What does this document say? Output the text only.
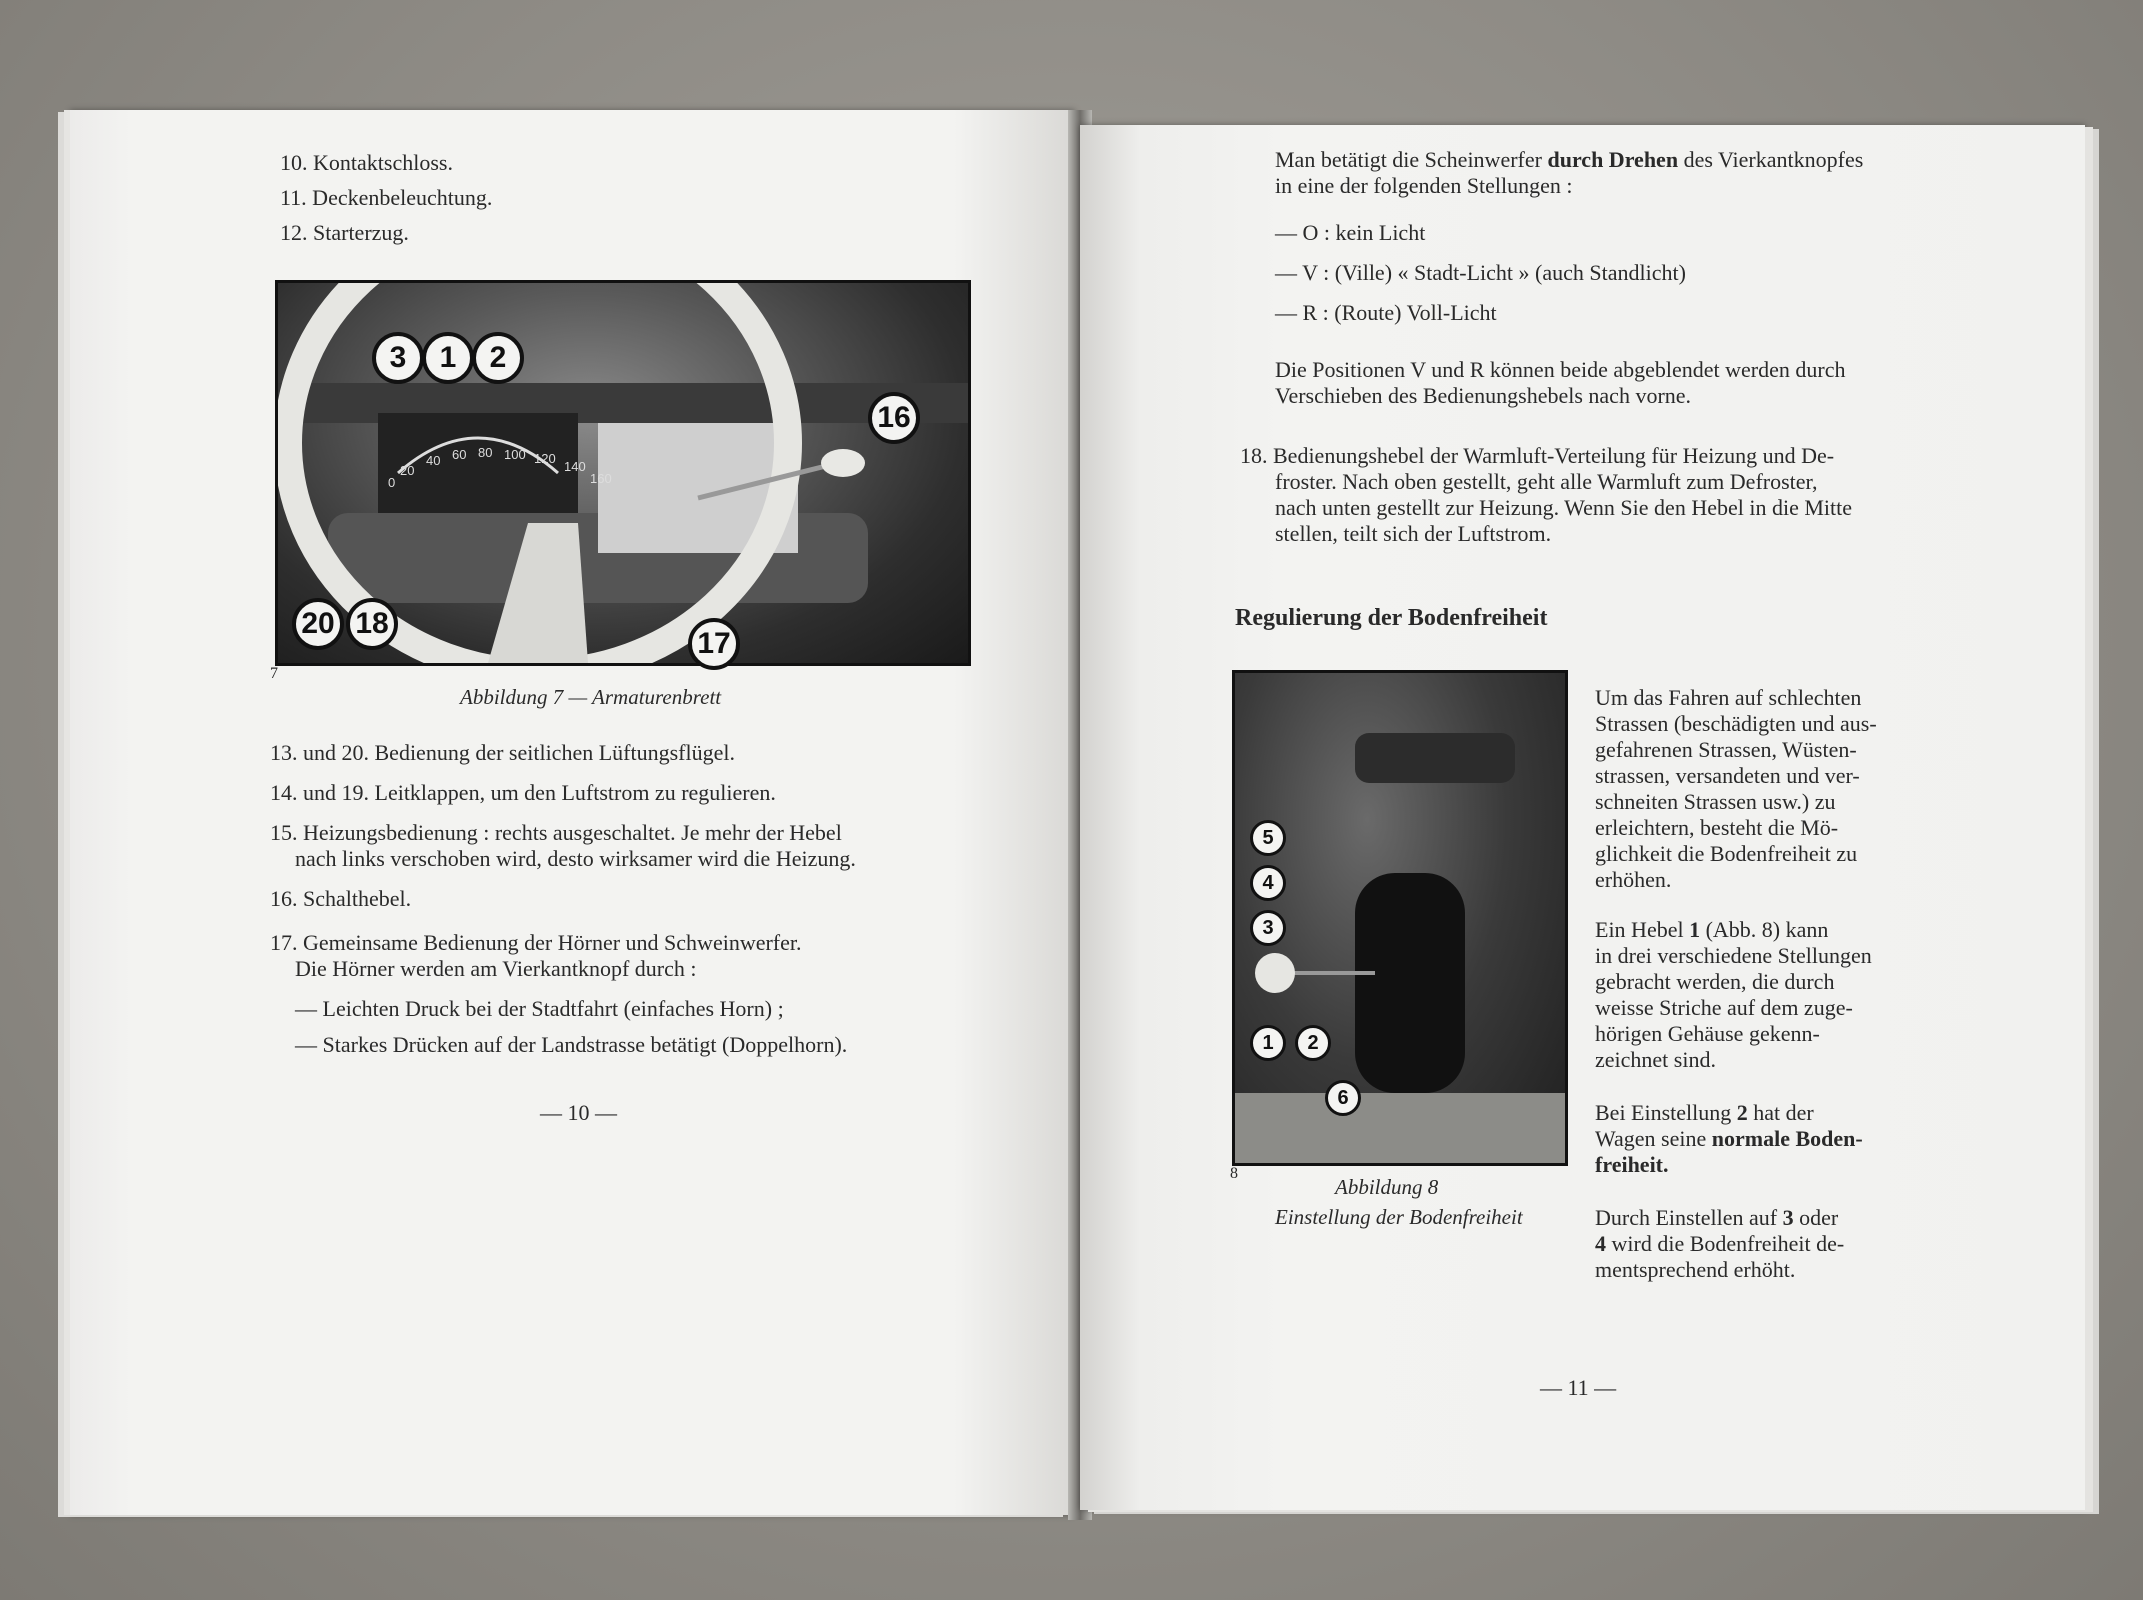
10. Kontaktschloss.
11. Deckenbeleuchtung.
12. Starterzug.
20
40 60 80 100 120
140
160
0
3	1	2
16
20 18
17
7
Abbildung 7 — Armaturenbrett
13. und 20. Bedienung der seitlichen Lüftungsflügel.
14. und 19. Leitklappen, um den Luftstrom zu regulieren.
15. Heizungsbedienung : rechts ausgeschaltet. Je mehr der Hebel
nach links verschoben wird, desto wirksamer wird die Heizung.
16. Schalthebel.
17. Gemeinsame Bedienung der Hörner und Schweinwerfer.
Die Hörner werden am Vierkantknopf durch :
— Leichten Druck bei der Stadtfahrt (einfaches Horn) ;
— Starkes Drücken auf der Landstrasse betätigt (Doppelhorn).
— 10 —
Man betätigt die Scheinwerfer durch Drehen des Vierkantknopfes
in eine der folgenden Stellungen :
— O : kein Licht
— V : (Ville) « Stadt-Licht » (auch Standlicht)
— R : (Route) Voll-Licht
Die Positionen V und R können beide abgeblendet werden durch
Verschieben des Bedienungshebels nach vorne.
18. Bedienungshebel der Warmluft-Verteilung für Heizung und De-
froster. Nach oben gestellt, geht alle Warmluft zum Defroster,
nach unten gestellt zur Heizung. Wenn Sie den Hebel in die Mitte
stellen, teilt sich der Luftstrom.
Regulierung der Bodenfreiheit
5
4
3
1	2
6
8
Abbildung 8
Einstellung der Bodenfreiheit
Um das Fahren auf schlechten
Strassen (beschädigten und aus-
gefahrenen Strassen, Wüsten-
strassen, versandeten und ver-
schneiten Strassen usw.) zu
erleichtern, besteht die Mö-
glichkeit die Bodenfreiheit zu
erhöhen.
Ein Hebel 1 (Abb. 8) kann
in drei verschiedene Stellungen
gebracht werden, die durch
weisse Striche auf dem zuge-
hörigen Gehäuse gekenn-
zeichnet sind.
Bei Einstellung 2 hat der
Wagen seine normale Boden-
freiheit.
Durch Einstellen auf 3 oder
4 wird die Bodenfreiheit de-
mentsprechend erhöht.
— 11 —
